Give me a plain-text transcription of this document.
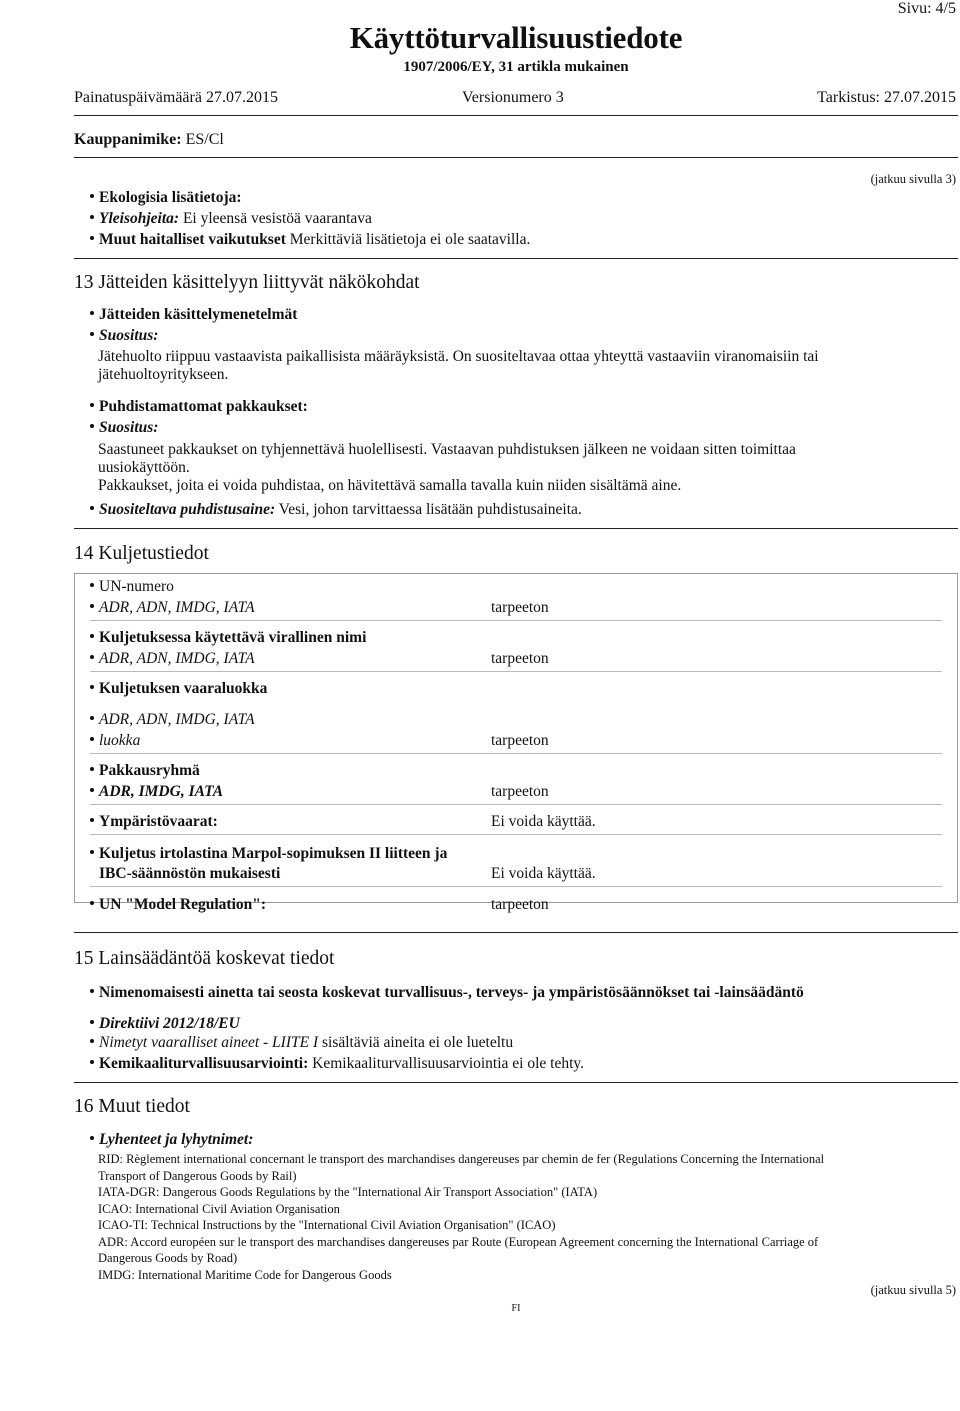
Sivu: 4/5
Käyttöturvallisuustiedote
1907/2006/EY, 31 artikla mukainen
Painatuspäivämäärä 27.07.2015	Versionumero 3	Tarkistus: 27.07.2015
Kauppanimike: ES/Cl
(jatkuu sivulla 3)
Ekologisia lisätietoja:
Yleisohjeita: Ei yleensä vesistöä vaarantava
Muut haitalliset vaikutukset Merkittäviä lisätietoja ei ole saatavilla.
13 Jätteiden käsittelyyn liittyvät näkökohdat
Jätteiden käsittelymenetelmät
Suositus:
Jätehuolto riippuu vastaavista paikallisista määräyksistä. On suositeltavaa ottaa yhteyttä vastaaviin viranomaisiin tai
jätehuoltoyritykseen.
Puhdistamattomat pakkaukset:
Suositus:
Saastuneet pakkaukset on tyhjennettävä huolellisesti. Vastaavan puhdistuksen jälkeen ne voidaan sitten toimittaa
uusiokäyttöön.
Pakkaukset, joita ei voida puhdistaa, on hävitettävä samalla tavalla kuin niiden sisältämä aine.
Suositeltava puhdistusaine: Vesi, johon tarvittaessa lisätään puhdistusaineita.
14 Kuljetustiedot
UN-numero
ADR, ADN, IMDG, IATA	tarpeeton
Kuljetuksessa käytettävä virallinen nimi
ADR, ADN, IMDG, IATA	tarpeeton
Kuljetuksen vaaraluokka
ADR, ADN, IMDG, IATA
luokka	tarpeeton
Pakkausryhmä
ADR, IMDG, IATA	tarpeeton
Ympäristövaarat:	Ei voida käyttää.
Kuljetus irtolastina Marpol-sopimuksen II liitteen ja
IBC-säännöstön mukaisesti	Ei voida käyttää.
UN "Model Regulation":	tarpeeton
15 Lainsäädäntöä koskevat tiedot
Nimenomaisesti ainetta tai seosta koskevat turvallisuus-, terveys- ja ympäristösäännökset tai -lainsäädäntö
Direktiivi 2012/18/EU
Nimetyt vaaralliset aineet - LIITE I sisältäviä aineita ei ole lueteltu
Kemikaaliturvallisuusarviointi: Kemikaaliturvallisuusarviointia ei ole tehty.
16 Muut tiedot
Lyhenteet ja lyhytnimet:
RID: Règlement international concernant le transport des marchandises dangereuses par chemin de fer (Regulations Concerning the International
Transport of Dangerous Goods by Rail)
IATA-DGR: Dangerous Goods Regulations by the "International Air Transport Association" (IATA)
ICAO: International Civil Aviation Organisation
ICAO-TI: Technical Instructions by the "International Civil Aviation Organisation" (ICAO)
ADR: Accord européen sur le transport des marchandises dangereuses par Route (European Agreement concerning the International Carriage of
Dangerous Goods by Road)
IMDG: International Maritime Code for Dangerous Goods
(jatkuu sivulla 5)
FI
